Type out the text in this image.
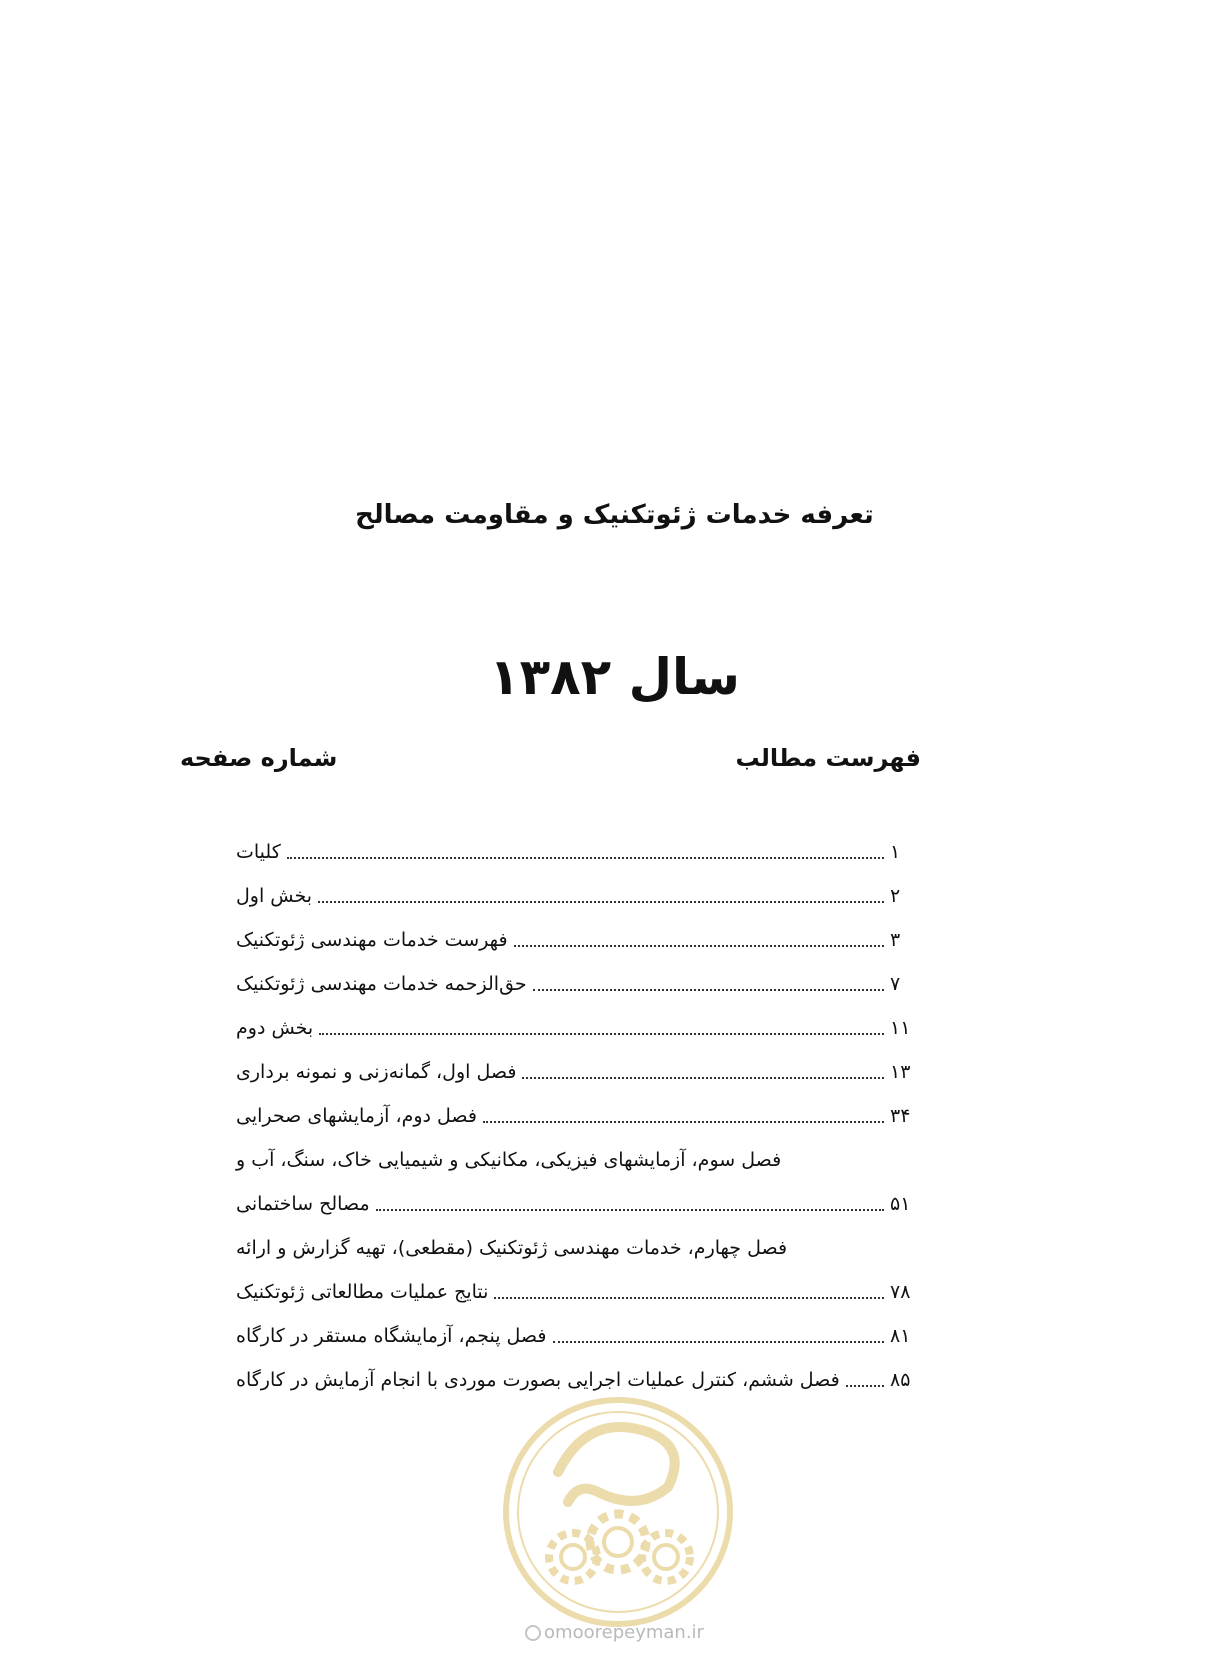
تعرفه خدمات ژئوتکنیک و مقاومت مصالح
سال ۱۳۸۲
فهرست مطالب
شماره صفحه
کلیات	۱
بخش اول	۲
فهرست خدمات مهندسی ژئوتکنیک	۳
حق‌الزحمه خدمات مهندسی ژئوتکنیک	۷
بخش دوم	۱۱
فصل اول، گمانه‌زنی و نمونه برداری	۱۳
فصل دوم، آزمایشهای صحرایی	۳۴
فصل سوم، آزمایشهای فیزیکی، مکانیکی و شیمیایی خاک، سنگ، آب و
مصالح ساختمانی	۵۱
فصل چهارم، خدمات مهندسی ژئوتکنیک (مقطعی)، تهیه گزارش و ارائه
نتایج عملیات مطالعاتی ژئوتکنیک	۷۸
فصل پنجم، آزمایشگاه مستقر در کارگاه	۸۱
فصل ششم، کنترل عملیات اجرایی بصورت موردی با انجام آزمایش در کارگاه	۸۵
omoorepeyman.ir
